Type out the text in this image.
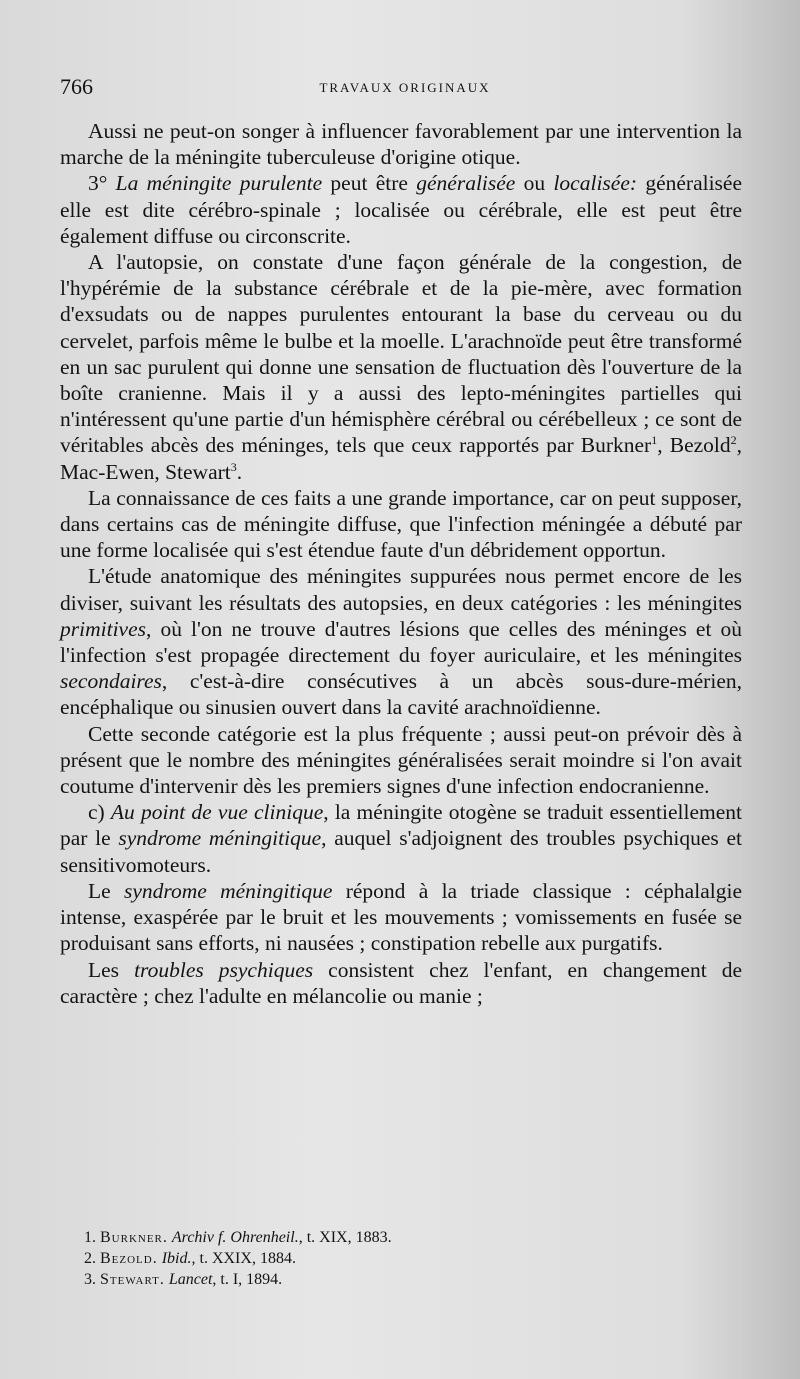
766	TRAVAUX ORIGINAUX

Aussi ne peut-on songer à influencer favorablement par une intervention la marche de la méningite tuberculeuse d'origine otique.

3° La méningite purulente peut être généralisée ou localisée: généralisée elle est dite cérébro-spinale ; localisée ou cérébrale, elle est peut être également diffuse ou circonscrite.

A l'autopsie, on constate d'une façon générale de la congestion, de l'hypérémie de la substance cérébrale et de la pie-mère, avec formation d'exsudats ou de nappes purulentes entourant la base du cerveau ou du cervelet, parfois même le bulbe et la moelle. L'arachnoïde peut être transformé en un sac purulent qui donne une sensation de fluctuation dès l'ouverture de la boîte cranienne. Mais il y a aussi des lepto-méningites partielles qui n'intéressent qu'une partie d'un hémisphère cérébral ou cérébelleux ; ce sont de véritables abcès des méninges, tels que ceux rapportés par Burkner$^1$, Bezold$^2$, Mac-Ewen, Stewart$^3$.

La connaissance de ces faits a une grande importance, car on peut supposer, dans certains cas de méningite diffuse, que l'infection méningée a débuté par une forme localisée qui s'est étendue faute d'un débridement opportun.

L'étude anatomique des méningites suppurées nous permet encore de les diviser, suivant les résultats des autopsies, en deux catégories : les méningites primitives, où l'on ne trouve d'autres lésions que celles des méninges et où l'infection s'est propagée directement du foyer auriculaire, et les méningites secondaires, c'est-à-dire consécutives à un abcès sous-dure-mérien, encéphalique ou sinusien ouvert dans la cavité arachnoïdienne.

Cette seconde catégorie est la plus fréquente ; aussi peut-on prévoir dès à présent que le nombre des méningites généralisées serait moindre si l'on avait coutume d'intervenir dès les premiers signes d'une infection endocranienne.

c) Au point de vue clinique, la méningite otogène se traduit essentiellement par le syndrome méningitique, auquel s'adjoignent des troubles psychiques et sensitivomoteurs.

Le syndrome méningitique répond à la triade classique : céphalalgie intense, exaspérée par le bruit et les mouvements ; vomissements en fusée se produisant sans efforts, ni nausées ; constipation rebelle aux purgatifs.

Les troubles psychiques consistent chez l'enfant, en changement de caractère ; chez l'adulte en mélancolie ou manie ;

1. Burkner. Archiv f. Ohrenheil., t. XIX, 1883.

2. Bezold. Ibid., t. XXIX, 1884.

3. Stewart. Lancet, t. I, 1894.
